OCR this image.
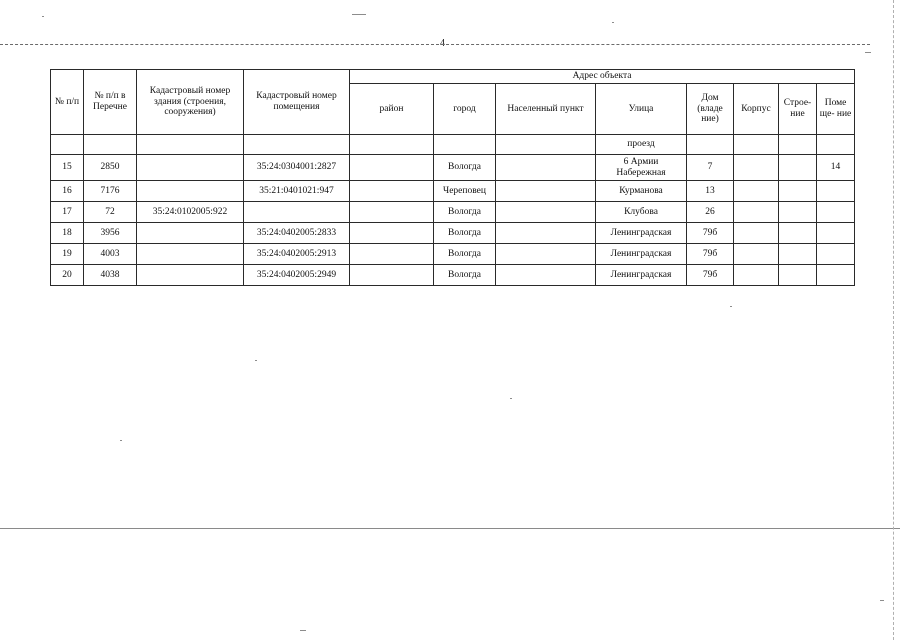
4
№ п/п	№ п/п в Перечне	Кадастровый номер здания (строения, сооружения)	Кадастровый номер помещения	Адрес объекта							
				район	город	Населенный пункт	Улица	Дом (владе ние)	Корпус	Строе- ние	Поме ще- ние
							проезд				
15	2850		35:24:0304001:2827		Вологда		6 Армии Набережная	7			14
16	7176		35:21:0401021:947		Череповец		Курманова	13			
17	72	35:24:0102005:922			Вологда		Клубова	26			
18	3956		35:24:0402005:2833		Вологда		Ленинградская	79б			
19	4003		35:24:0402005:2913		Вологда		Ленинградская	79б			
20	4038		35:24:0402005:2949		Вологда		Ленинградская	79б			
